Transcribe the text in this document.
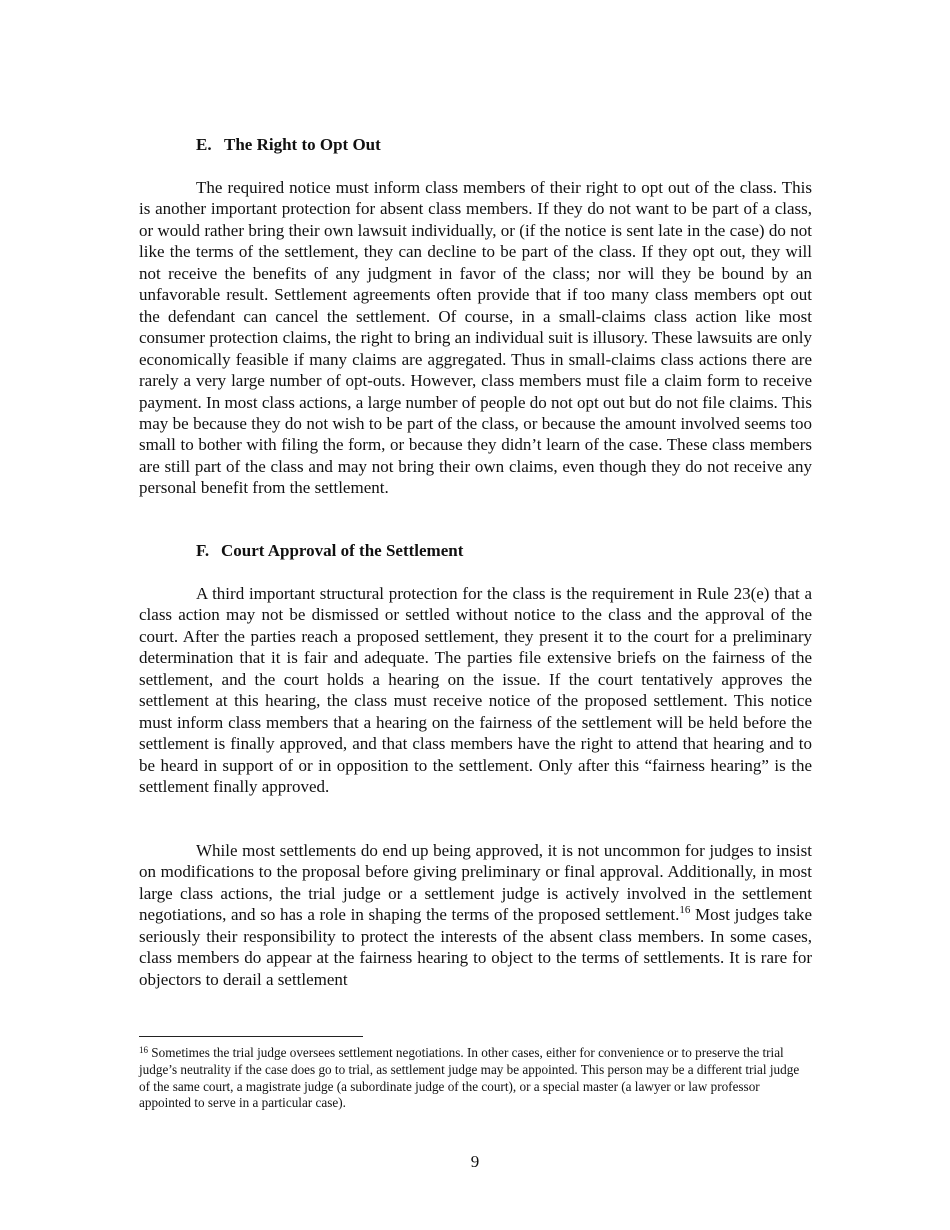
E. The Right to Opt Out

The required notice must inform class members of their right to opt out of the class. This is another important protection for absent class members. If they do not want to be part of a class, or would rather bring their own lawsuit individually, or (if the notice is sent late in the case) do not like the terms of the settlement, they can decline to be part of the class. If they opt out, they will not receive the benefits of any judgment in favor of the class; nor will they be bound by an unfavorable result. Settlement agreements often provide that if too many class members opt out the defendant can cancel the settlement. Of course, in a small-claims class action like most consumer protection claims, the right to bring an individual suit is illusory. These lawsuits are only economically feasible if many claims are aggregated. Thus in small-claims class actions there are rarely a very large number of opt-outs. However, class members must file a claim form to receive payment. In most class actions, a large number of people do not opt out but do not file claims. This may be because they do not wish to be part of the class, or because the amount involved seems too small to bother with filing the form, or because they didn’t learn of the case. These class members are still part of the class and may not bring their own claims, even though they do not receive any personal benefit from the settlement.

F. Court Approval of the Settlement

A third important structural protection for the class is the requirement in Rule 23(e) that a class action may not be dismissed or settled without notice to the class and the approval of the court. After the parties reach a proposed settlement, they present it to the court for a preliminary determination that it is fair and adequate. The parties file extensive briefs on the fairness of the settlement, and the court holds a hearing on the issue. If the court tentatively approves the settlement at this hearing, the class must receive notice of the proposed settlement. This notice must inform class members that a hearing on the fairness of the settlement will be held before the settlement is finally approved, and that class members have the right to attend that hearing and to be heard in support of or in opposition to the settlement. Only after this “fairness hearing” is the settlement finally approved.

While most settlements do end up being approved, it is not uncommon for judges to insist on modifications to the proposal before giving preliminary or final approval. Additionally, in most large class actions, the trial judge or a settlement judge is actively involved in the settlement negotiations, and so has a role in shaping the terms of the proposed settlement.$^{16}$ Most judges take seriously their responsibility to protect the interests of the absent class members. In some cases, class members do appear at the fairness hearing to object to the terms of settlements. It is rare for objectors to derail a settlement

$^{16}$ Sometimes the trial judge oversees settlement negotiations. In other cases, either for convenience or to preserve the trial judge’s neutrality if the case does go to trial, as settlement judge may be appointed. This person may be a different trial judge of the same court, a magistrate judge (a subordinate judge of the court), or a special master (a lawyer or law professor appointed to serve in a particular case).

9
